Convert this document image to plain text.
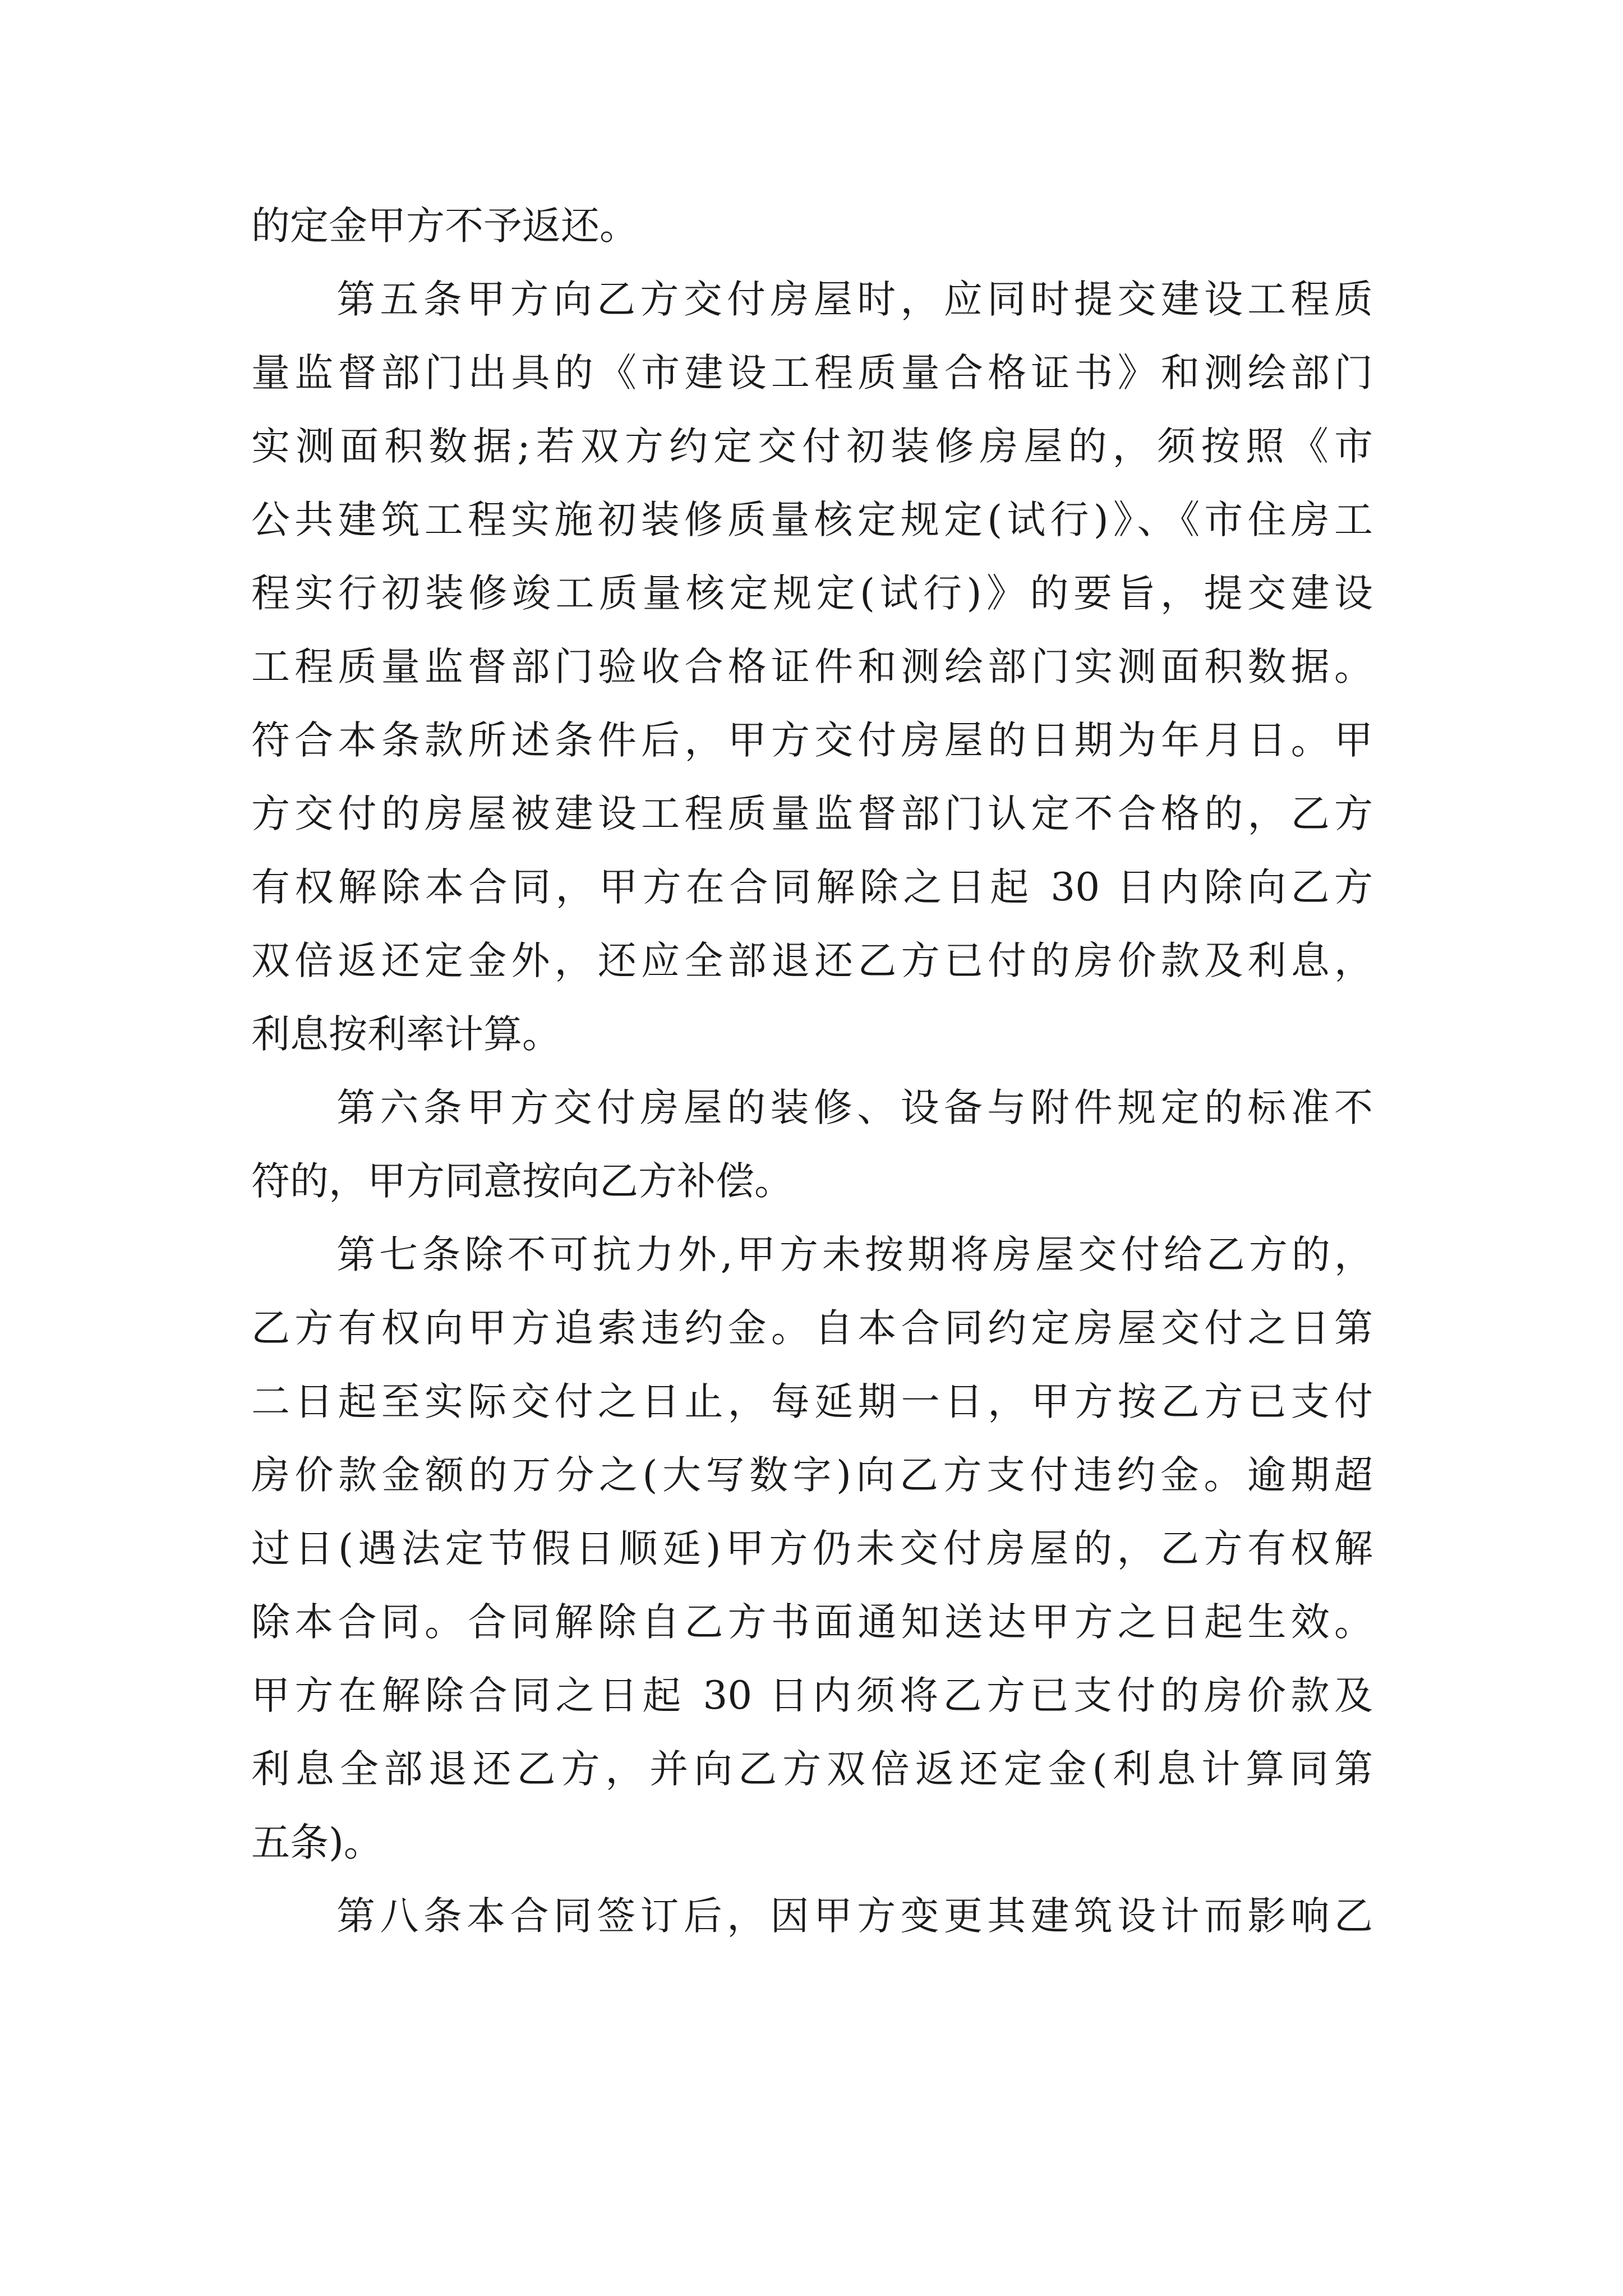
的定金甲方不予返还。
第五条甲方向乙方交付房屋时，应同时提交建设工程质
量监督部门出具的《市建设工程质量合格证书》和测绘部门
实测面积数据;若双方约定交付初装修房屋的，须按照《市
公共建筑工程实施初装修质量核定规定(试行)》、《市住房工
程实行初装修竣工质量核定规定(试行)》的要旨，提交建设
工程质量监督部门验收合格证件和测绘部门实测面积数据。
符合本条款所述条件后，甲方交付房屋的日期为年月日。甲
方交付的房屋被建设工程质量监督部门认定不合格的，乙方
有权解除本合同，甲方在合同解除之日起 30 日内除向乙方
双倍返还定金外，还应全部退还乙方已付的房价款及利息，
利息按利率计算。
第六条甲方交付房屋的装修、设备与附件规定的标准不
符的，甲方同意按向乙方补偿。
第七条除不可抗力外,甲方未按期将房屋交付给乙方的，
乙方有权向甲方追索违约金。自本合同约定房屋交付之日第
二日起至实际交付之日止，每延期一日，甲方按乙方已支付
房价款金额的万分之(大写数字)向乙方支付违约金。逾期超
过日(遇法定节假日顺延)甲方仍未交付房屋的，乙方有权解
除本合同。合同解除自乙方书面通知送达甲方之日起生效。
甲方在解除合同之日起 30 日内须将乙方已支付的房价款及
利息全部退还乙方，并向乙方双倍返还定金(利息计算同第
五条)。
第八条本合同签订后，因甲方变更其建筑设计而影响乙
